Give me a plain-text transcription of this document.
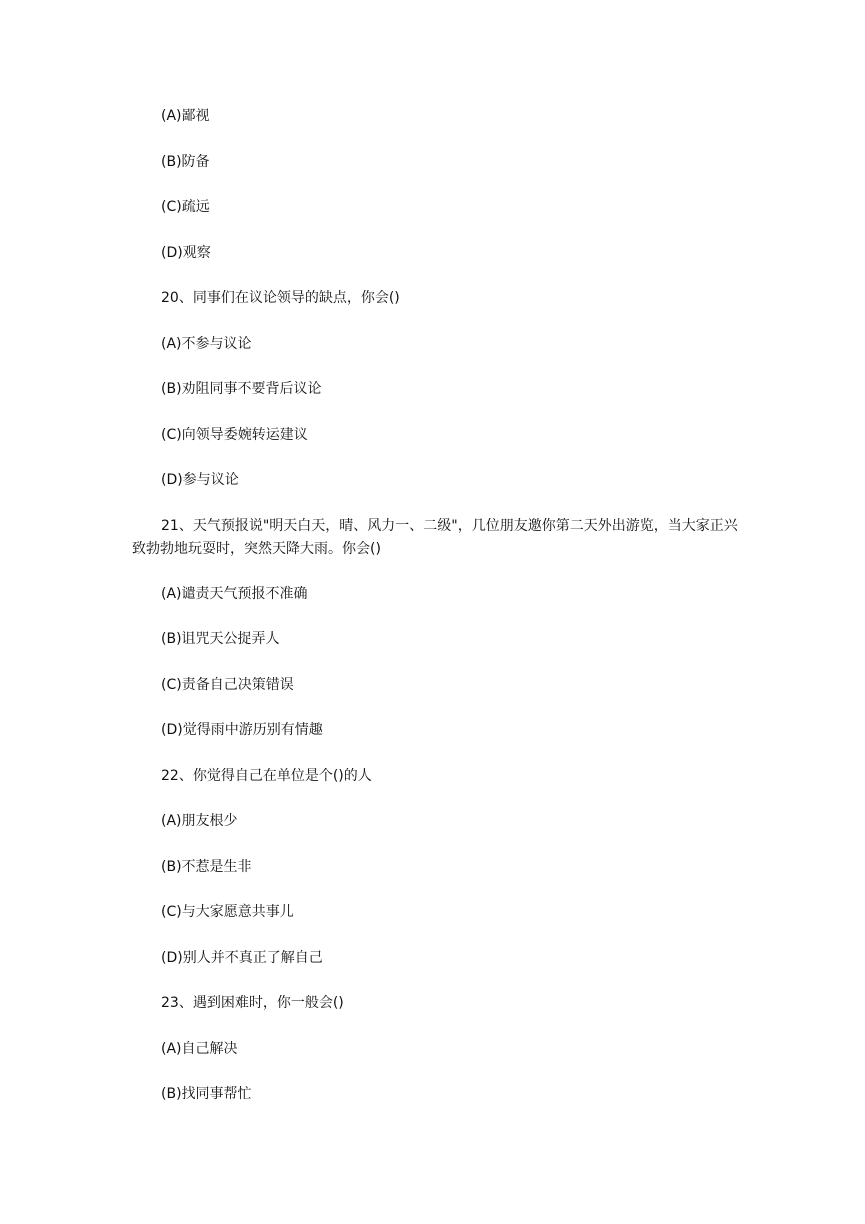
(A)鄙视
(B)防备
(C)疏远
(D)观察
20、同事们在议论领导的缺点，你会()
(A)不参与议论
(B)劝阻同事不要背后议论
(C)向领导委婉转运建议
(D)参与议论
21、天气预报说"明天白天，晴、风力一、二级"，几位朋友邀你第二天外出游览，当大家正兴致勃勃地玩耍时，突然天降大雨。你会()
(A)谴责天气预报不准确
(B)诅咒天公捉弄人
(C)责备自己决策错误
(D)觉得雨中游历别有情趣
22、你觉得自己在单位是个()的人
(A)朋友根少
(B)不惹是生非
(C)与大家愿意共事儿
(D)别人并不真正了解自己
23、遇到困难时，你一般会()
(A)自己解决
(B)找同事帮忙
